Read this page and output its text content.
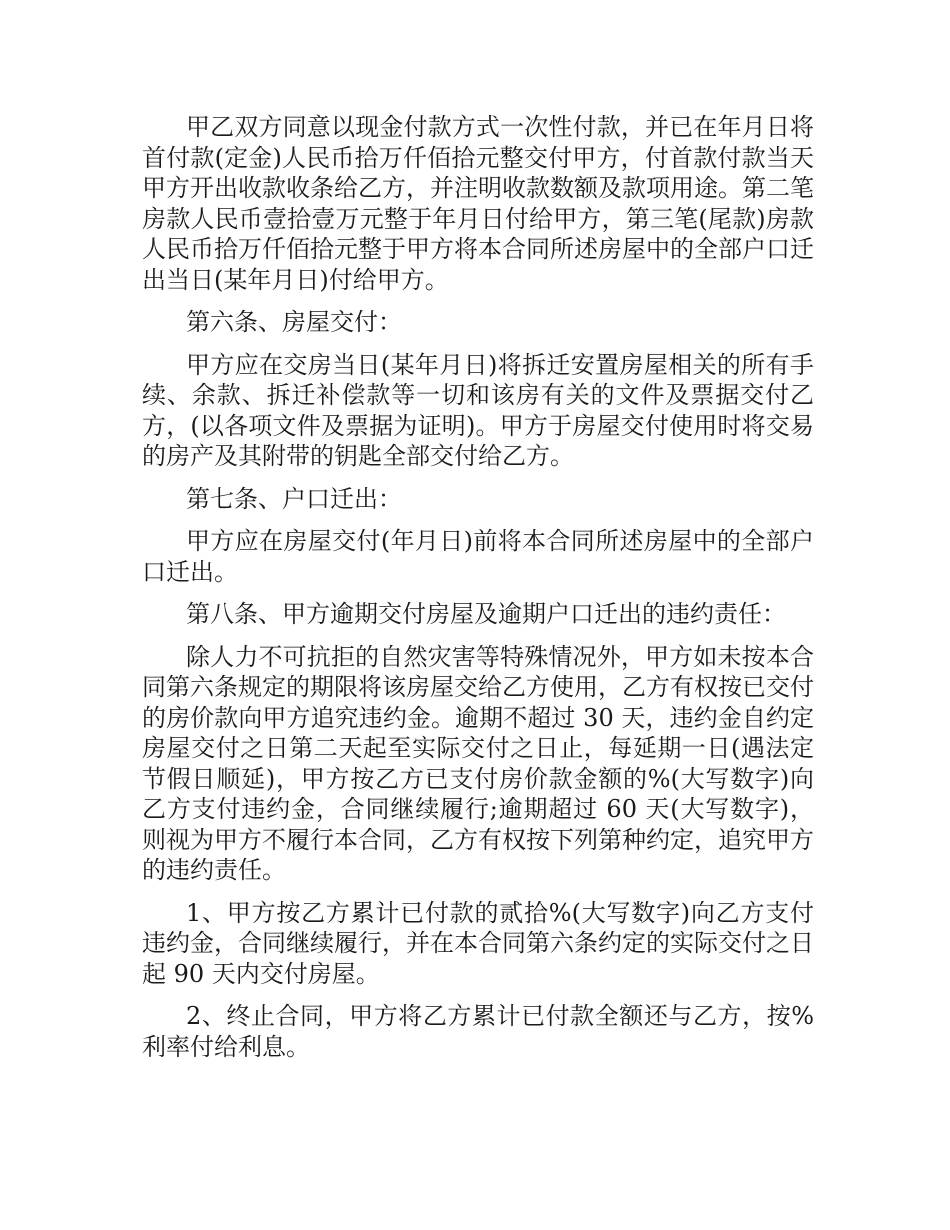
甲乙双方同意以现金付款方式一次性付款，并已在年月日将首付款(定金)人民币拾万仟佰拾元整交付甲方，付首款付款当天甲方开出收款收条给乙方，并注明收款数额及款项用途。第二笔房款人民币壹拾壹万元整于年月日付给甲方，第三笔(尾款)房款人民币拾万仟佰拾元整于甲方将本合同所述房屋中的全部户口迁出当日(某年月日)付给甲方。

第六条、房屋交付：

甲方应在交房当日(某年月日)将拆迁安置房屋相关的所有手续、余款、拆迁补偿款等一切和该房有关的文件及票据交付乙方，(以各项文件及票据为证明)。甲方于房屋交付使用时将交易的房产及其附带的钥匙全部交付给乙方。

第七条、户口迁出：

甲方应在房屋交付(年月日)前将本合同所述房屋中的全部户口迁出。

第八条、甲方逾期交付房屋及逾期户口迁出的违约责任：

除人力不可抗拒的自然灾害等特殊情况外，甲方如未按本合同第六条规定的期限将该房屋交给乙方使用，乙方有权按已交付的房价款向甲方追究违约金。逾期不超过 30 天，违约金自约定房屋交付之日第二天起至实际交付之日止，每延期一日(遇法定节假日顺延)，甲方按乙方已支付房价款金额的%(大写数字)向乙方支付违约金，合同继续履行;逾期超过 60 天(大写数字)，则视为甲方不履行本合同，乙方有权按下列第种约定，追究甲方的违约责任。

1、甲方按乙方累计已付款的贰拾%(大写数字)向乙方支付违约金，合同继续履行，并在本合同第六条约定的实际交付之日起 90 天内交付房屋。

2、终止合同，甲方将乙方累计已付款全额还与乙方，按%利率付给利息。
